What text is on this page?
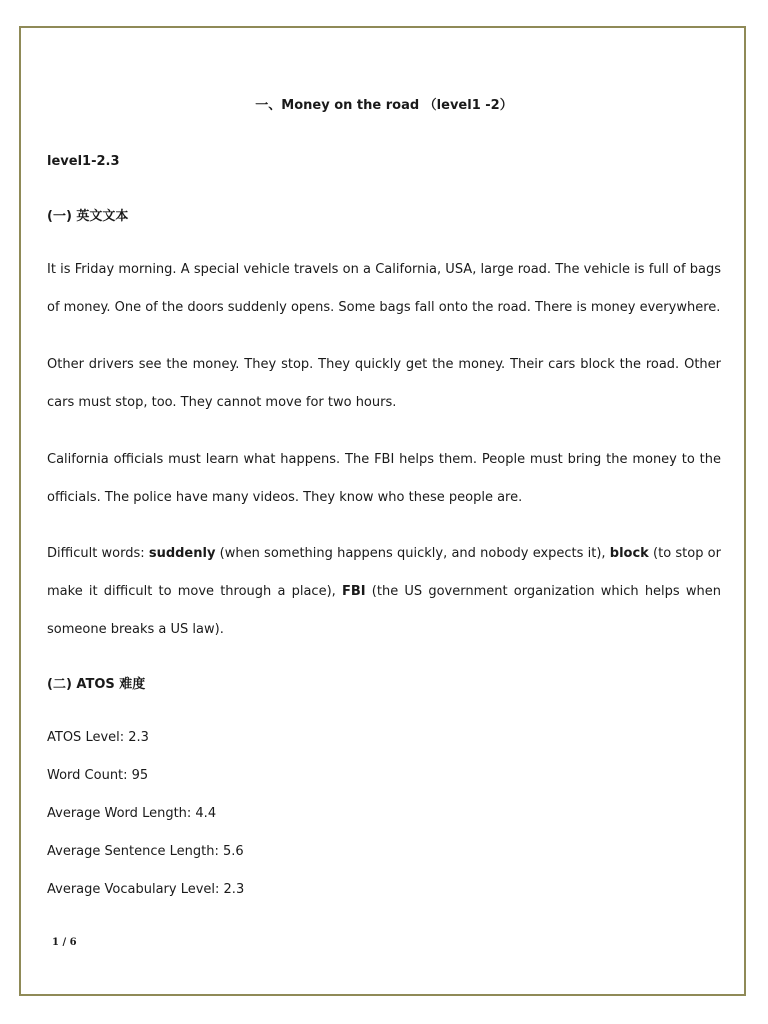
一、Money on the road （level1 -2）
level1-2.3
(一) 英文文本
It is Friday morning. A special vehicle travels on a California, USA, large road. The vehicle is full of bags of money. One of the doors suddenly opens. Some bags fall onto the road. There is money everywhere.
Other drivers see the money. They stop. They quickly get the money. Their cars block the road. Other cars must stop, too. They cannot move for two hours.
California officials must learn what happens. The FBI helps them. People must bring the money to the officials. The police have many videos. They know who these people are.
Difficult words: suddenly (when something happens quickly, and nobody expects it), block (to stop or make it difficult to move through a place), FBI (the US government organization which helps when someone breaks a US law).
(二) ATOS 难度
ATOS Level: 2.3
Word Count: 95
Average Word Length: 4.4
Average Sentence Length: 5.6
Average Vocabulary Level: 2.3
1 / 6
